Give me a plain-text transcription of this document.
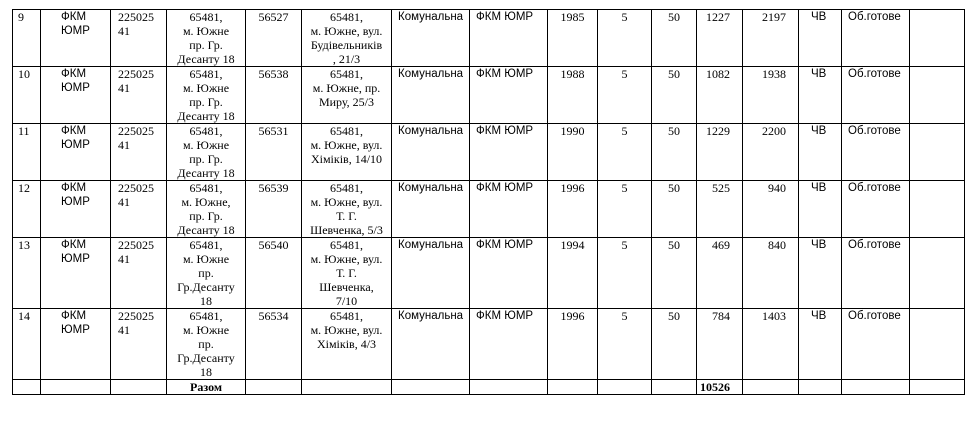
9	ФКМ
ЮМР	225025
41	65481,
м. Южне
пр. Гр.
Десанту 18	56527	65481,
м. Южне, вул.
Будівельників
, 21/3	Комунальна	ФКМ ЮМР	1985	5	50	1227	2197	ЧВ	Об.готове	
10	ФКМ
ЮМР	225025
41	65481,
м. Южне
пр. Гр.
Десанту 18	56538	65481,
м. Южне, пр.
Миру, 25/3	Комунальна	ФКМ ЮМР	1988	5	50	1082	1938	ЧВ	Об.готове	
11	ФКМ
ЮМР	225025
41	65481,
м. Южне
пр. Гр.
Десанту 18	56531	65481,
м. Южне, вул.
Хіміків, 14/10	Комунальна	ФКМ ЮМР	1990	5	50	1229	2200	ЧВ	Об.готове	
12	ФКМ
ЮМР	225025
41	65481,
м. Южне,
пр. Гр.
Десанту 18	56539	65481,
м. Южне, вул.
Т. Г.
Шевченка, 5/3	Комунальна	ФКМ ЮМР	1996	5	50	525	940	ЧВ	Об.готове	
13	ФКМ
ЮМР	225025
41	65481,
м. Южне
пр.
Гр.Десанту
18	56540	65481,
м. Южне, вул.
Т. Г.
Шевченка,
7/10	Комунальна	ФКМ ЮМР	1994	5	50	469	840	ЧВ	Об.готове	
14	ФКМ
ЮМР	225025
41	65481,
м. Южне
пр.
Гр.Десанту
18	56534	65481,
м. Южне, вул.
Хіміків, 4/3	Комунальна	ФКМ ЮМР	1996	5	50	784	1403	ЧВ	Об.готове	
			Разом								10526				
